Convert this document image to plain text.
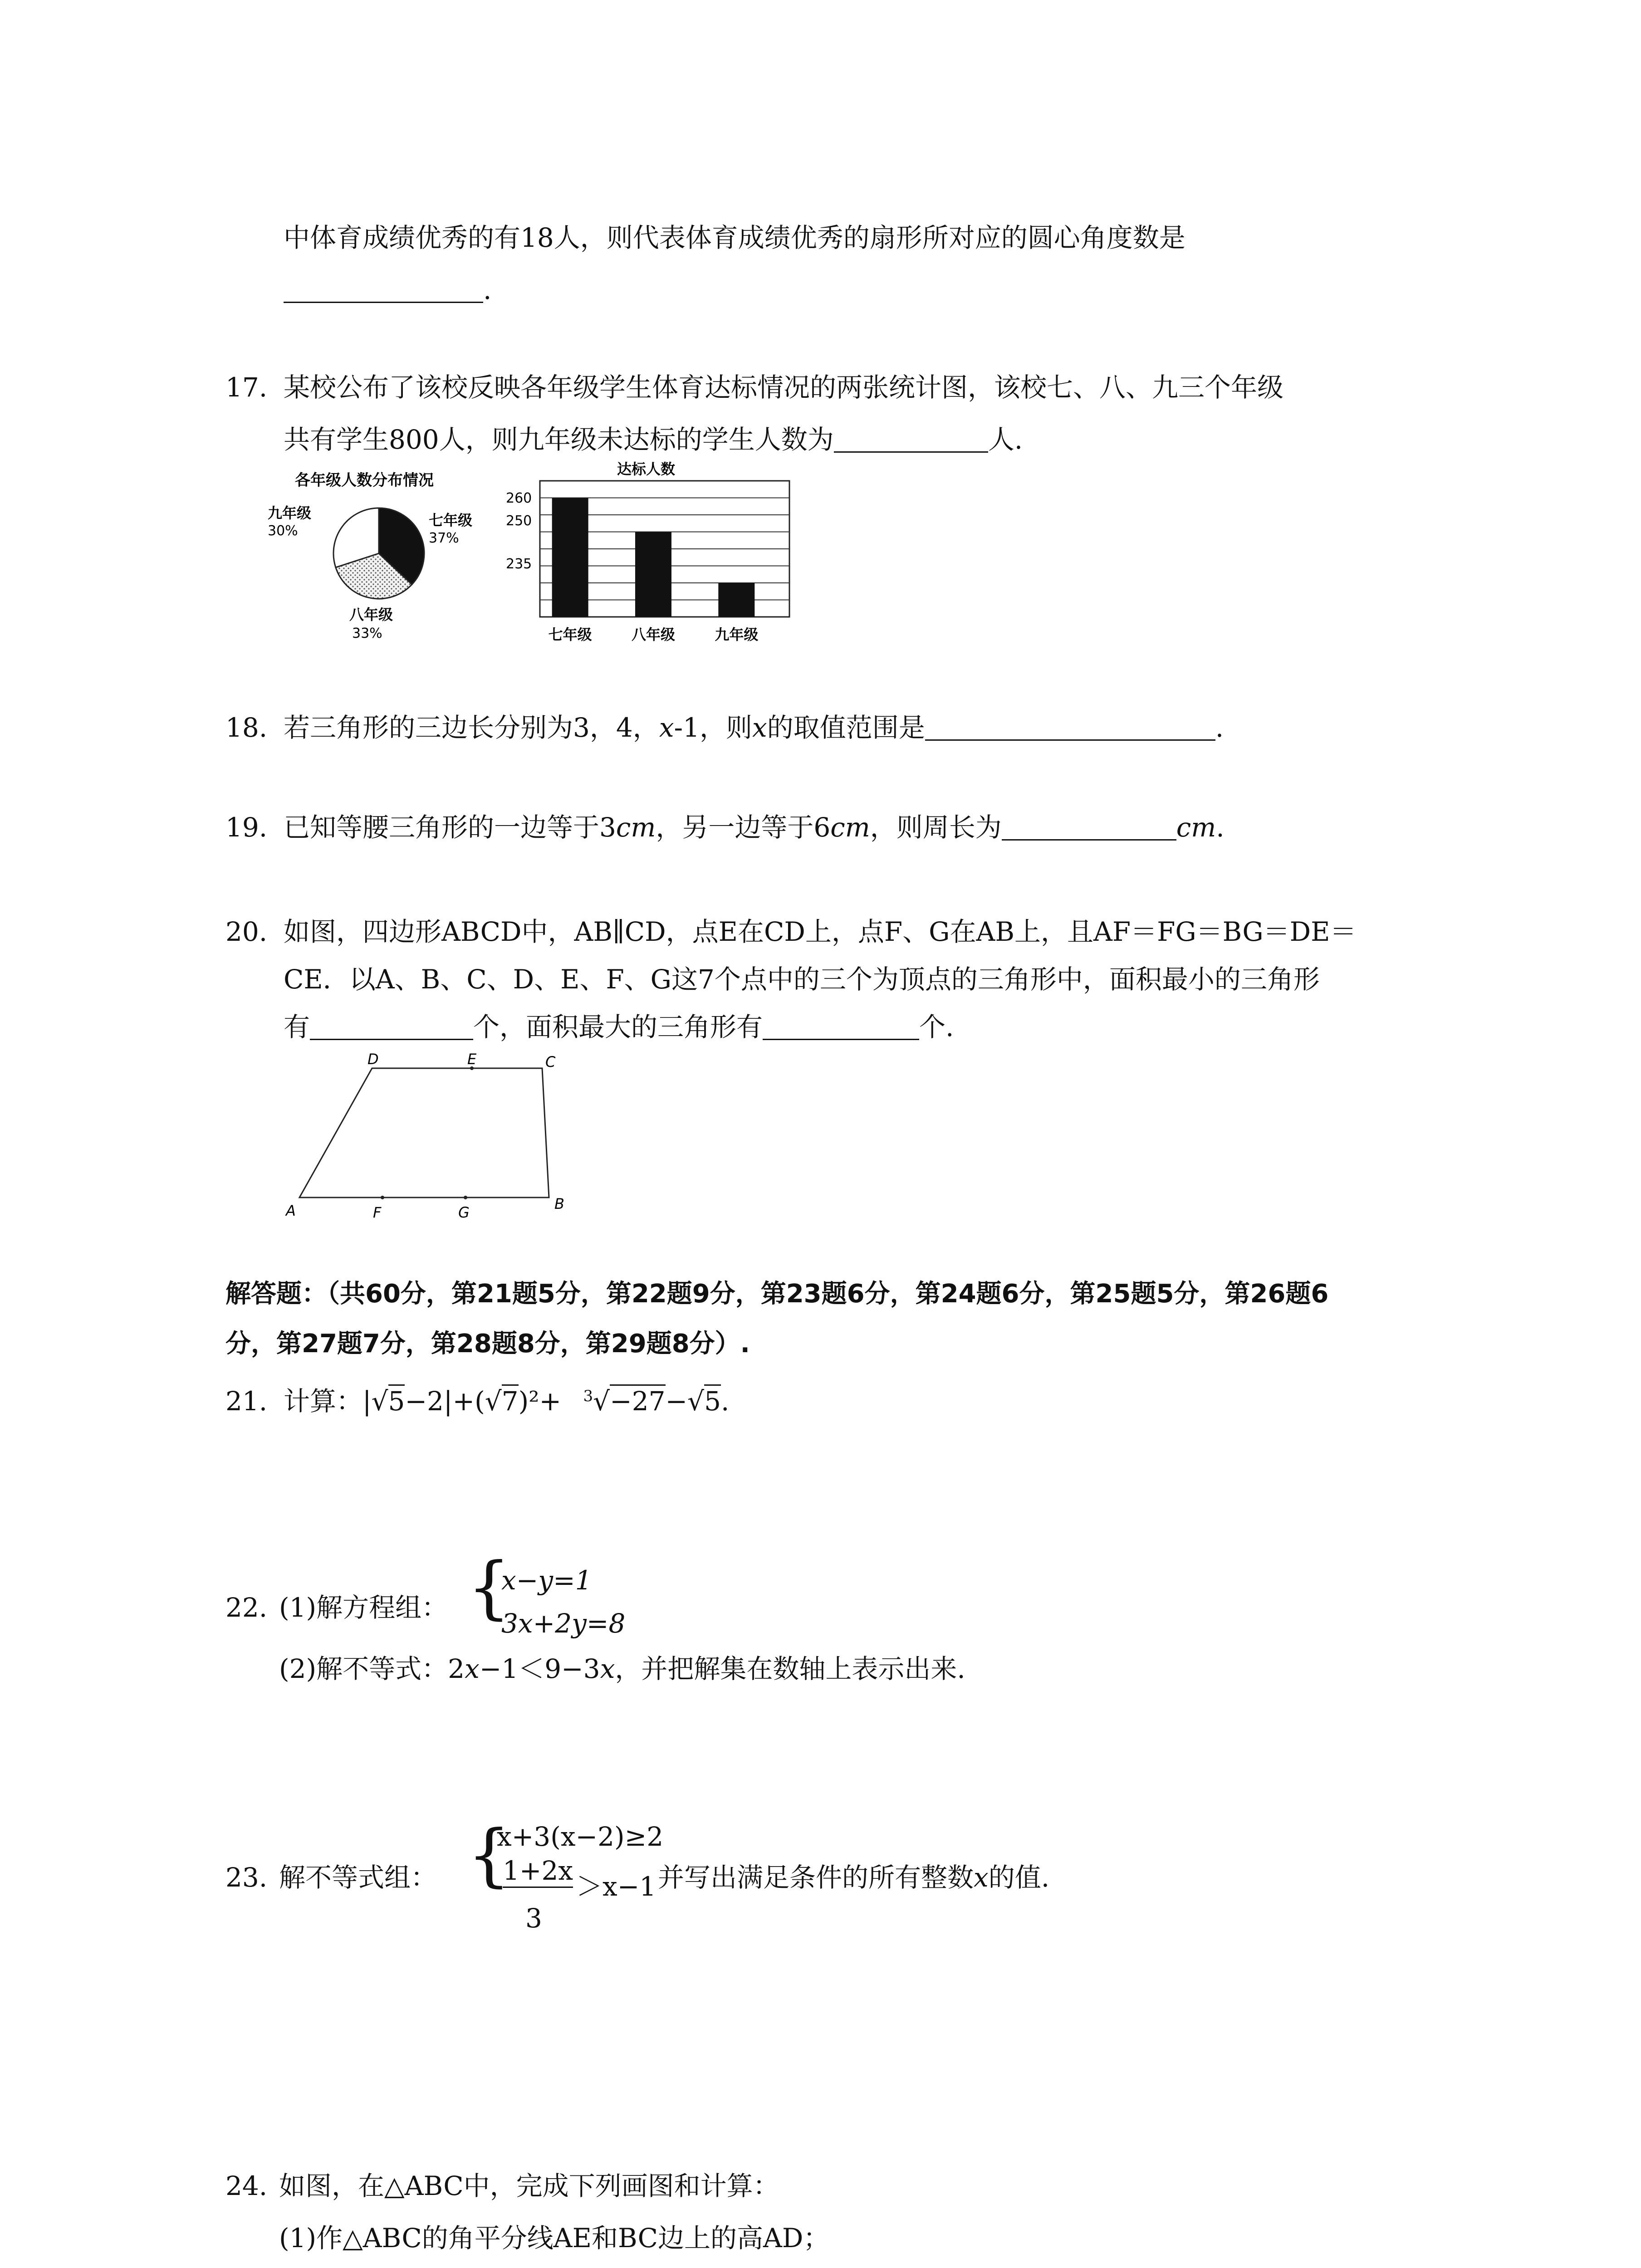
中体育成绩优秀的有18人，则代表体育成绩优秀的扇形所对应的圆心角度数是
.
17. 某校公布了该校反映各年级学生体育达标情况的两张统计图，该校七、八、九三个年级
共有学生800人，则九年级未达标的学生人数为	人.
各年级人数分布情况
九年级
30%
七年级
37%
八年级
33%
达标人数
七年级	八年级	九年级
260
250
235
18. 若三角形的三边长分别为3，4，x-1，则x的取值范围是	.
19. 已知等腰三角形的一边等于3cm，另一边等于6cm，则周长为	cm.
20. 如图，四边形ABCD中，AB∥CD，点E在CD上，点F、G在AB上，且AF＝FG＝BG＝DE＝
CE．以A、B、C、D、E、F、G这7个点中的三个为顶点的三角形中，面积最小的三角形
有	个，面积最大的三角形有	个.
D	E	C
A	F	G	B
解答题：（共60分，第21题5分，第22题9分，第23题6分，第24题6分，第25题5分，第26题6
分，第27题7分，第28题8分，第29题8分）.
21. 计算：|√5−2|+(√7)²+ $^3$√−27−√5.
22. (1)解方程组： {
x−y=1
3x+2y=8
(2)解不等式：2x−1＜9−3x，并把解集在数轴上表示出来.
23. 解不等式组： {
x+3(x−2)≥2
1+2x
3
＞x−1 并写出满足条件的所有整数x的值.
24. 如图，在△ABC中，完成下列画图和计算：
(1)作△ABC的角平分线AE和BC边上的高AD；
